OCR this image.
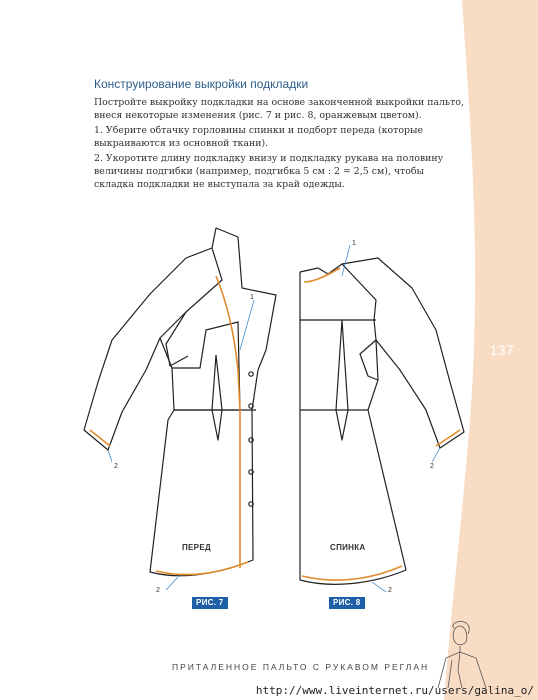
137
Конструирование выкройки подкладки

Постройте выкройку подкладки на основе законченной выкройки пальто, внеся некоторые изменения (рис. 7 и рис. 8, оранжевым цветом).

1. Уберите обтачку горловины спинки и подборт переда (которые выкраиваются из основной ткани).

2. Укоротите длину подкладку внизу и подкладку рукава на половину величины подгибки (например, подгибка 5 см : 2 = 2,5 см), чтобы складка подкладки не выступала за край одежды.

1
2
2
1
2
2
ПЕРЕД	СПИНКА
РИС. 7	РИС. 8
ПРИТАЛЕННОЕ ПАЛЬТО С РУКАВОМ РЕГЛАН
http://www.liveinternet.ru/users/galina_o/
